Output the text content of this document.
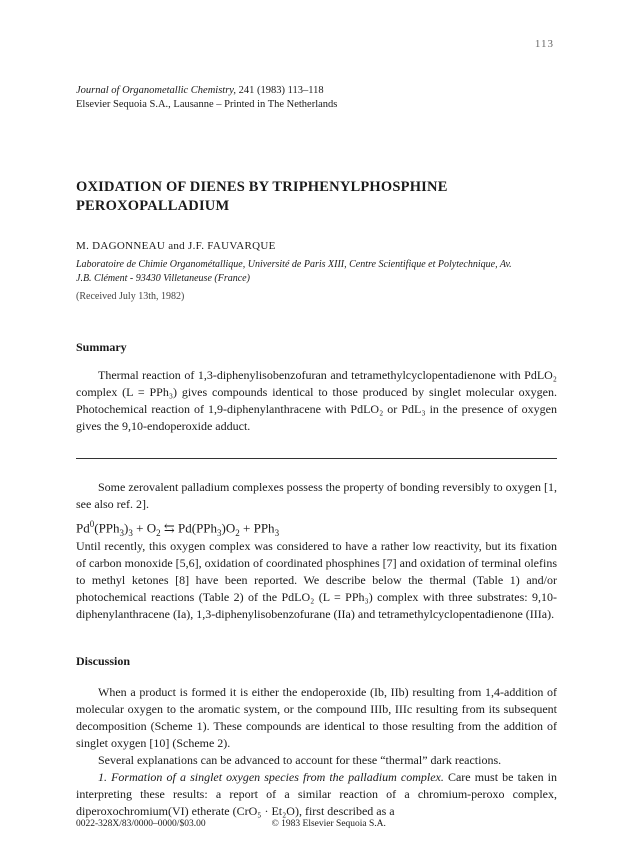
113
Journal of Organometallic Chemistry, 241 (1983) 113–118
Elsevier Sequoia S.A., Lausanne – Printed in The Netherlands
OXIDATION OF DIENES BY TRIPHENYLPHOSPHINE
PEROXOPALLADIUM
M. DAGONNEAU and J.F. FAUVARQUE
Laboratoire de Chimie Organométallique, Université de Paris XIII, Centre Scientifique et Polytechnique, Av.
J.B. Clément - 93430 Villetaneuse (France)
(Received July 13th, 1982)
Summary
Thermal reaction of 1,3-diphenylisobenzofuran and tetramethylcyclopentadienone with PdLO₂ complex (L = PPh₃) gives compounds identical to those produced by singlet molecular oxygen. Photochemical reaction of 1,9-diphenylanthracene with PdLO₂ or PdL₃ in the presence of oxygen gives the 9,10-endoperoxide adduct.
Some zerovalent palladium complexes possess the property of bonding reversibly to oxygen [1, see also ref. 2].
$Pd^0(PPh_3)_3 + O_2$ ⇆ $Pd(PPh_3)O_2 + PPh_3$
Until recently, this oxygen complex was considered to have a rather low reactivity, but its fixation of carbon monoxide [5,6], oxidation of coordinated phosphines [7] and oxidation of terminal olefins to methyl ketones [8] have been reported. We describe below the thermal (Table 1) and/or photochemical reactions (Table 2) of the PdLO₂ (L = PPh₃) complex with three substrates: 9,10-diphenylanthracene (Ia), 1,3-diphenylisobenzofurane (IIa) and tetramethylcyclopentadienone (IIIa).
Discussion
When a product is formed it is either the endoperoxide (Ib, IIb) resulting from 1,4-addition of molecular oxygen to the aromatic system, or the compound IIIb, IIIc resulting from its subsequent decomposition (Scheme 1). These compounds are identical to those resulting from the addition of singlet oxygen [10] (Scheme 2).
Several explanations can be advanced to account for these “thermal” dark reactions.
1. Formation of a singlet oxygen species from the palladium complex. Care must be taken in interpreting these results: a report of a similar reaction of a chromium-peroxo complex, diperoxochromium(VI) etherate (CrO₅ · Et₂O), first described as a
0022-328X/83/0000–0000/$03.00	© 1983 Elsevier Sequoia S.A.
